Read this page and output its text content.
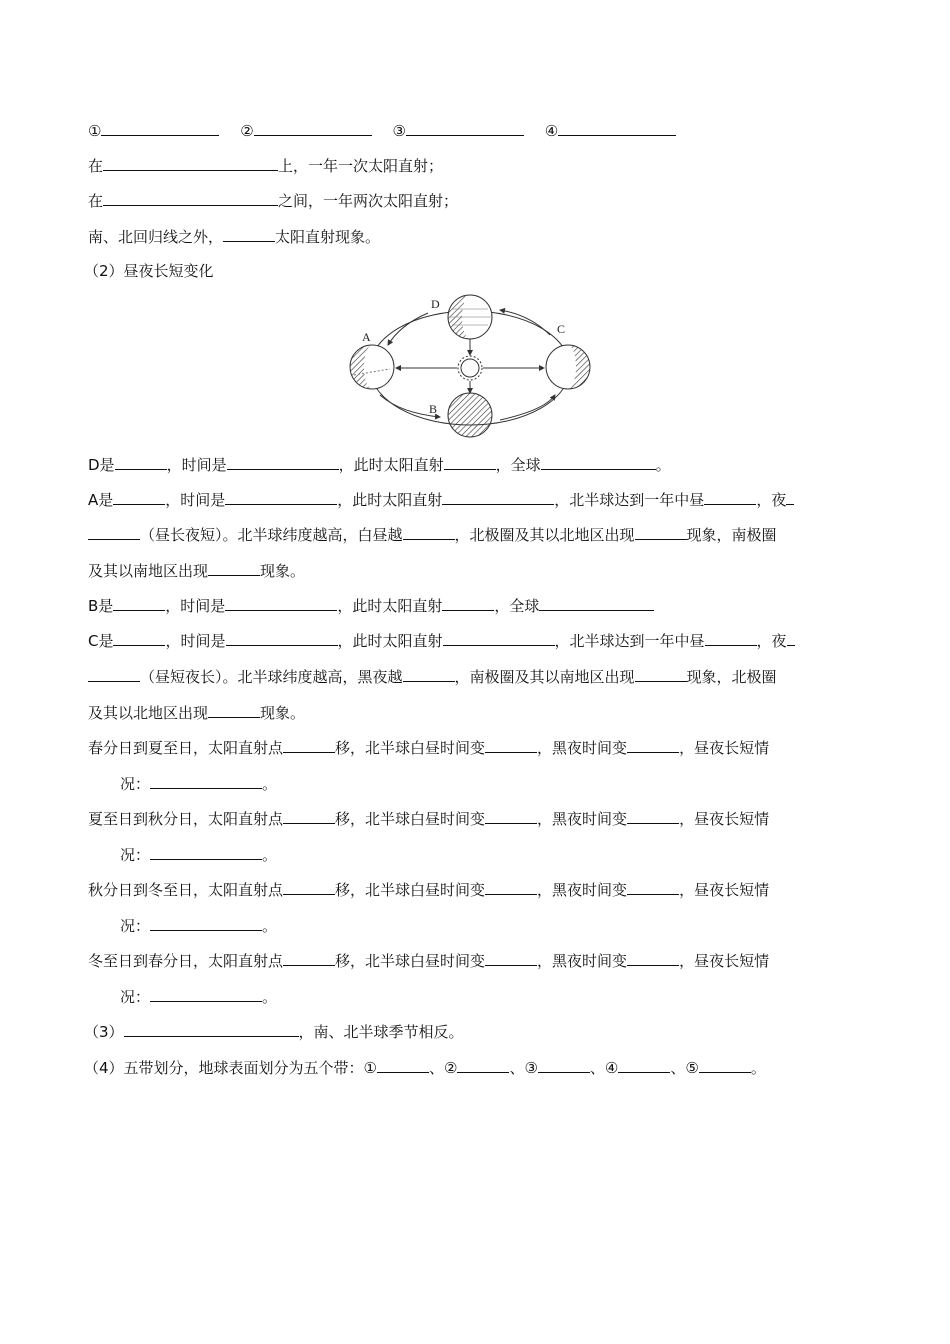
①	②	③	④
在	上，一年一次太阳直射；
在	之间，一年两次太阳直射；
南、北回归线之外，	太阳直射现象。
（2）昼夜长短变化
D
A
C
B
D是	，时间是	，此时太阳直射	，全球	。
A是	，时间是	，此时太阳直射	，北半球达到一年中昼	，夜
（昼长夜短）。北半球纬度越高，白昼越	，北极圈及其以北地区出现	现象，南极圈
及其以南地区出现	现象。
B是	，时间是	，此时太阳直射	，全球
C是	，时间是	，此时太阳直射	，北半球达到一年中昼	，夜
（昼短夜长）。北半球纬度越高，黑夜越	，南极圈及其以南地区出现	现象，北极圈
及其以北地区出现	现象。
春分日到夏至日，太阳直射点	移，北半球白昼时间变	，黑夜时间变	，昼夜长短情
况：	。
夏至日到秋分日，太阳直射点	移，北半球白昼时间变	，黑夜时间变	，昼夜长短情
况：	。
秋分日到冬至日，太阳直射点	移，北半球白昼时间变	，黑夜时间变	，昼夜长短情
况：	。
冬至日到春分日，太阳直射点	移，北半球白昼时间变	，黑夜时间变	，昼夜长短情
况：	。
（3）	，南、北半球季节相反。
（4）五带划分，地球表面划分为五个带：①	、②	、③	、④	、⑤	。
